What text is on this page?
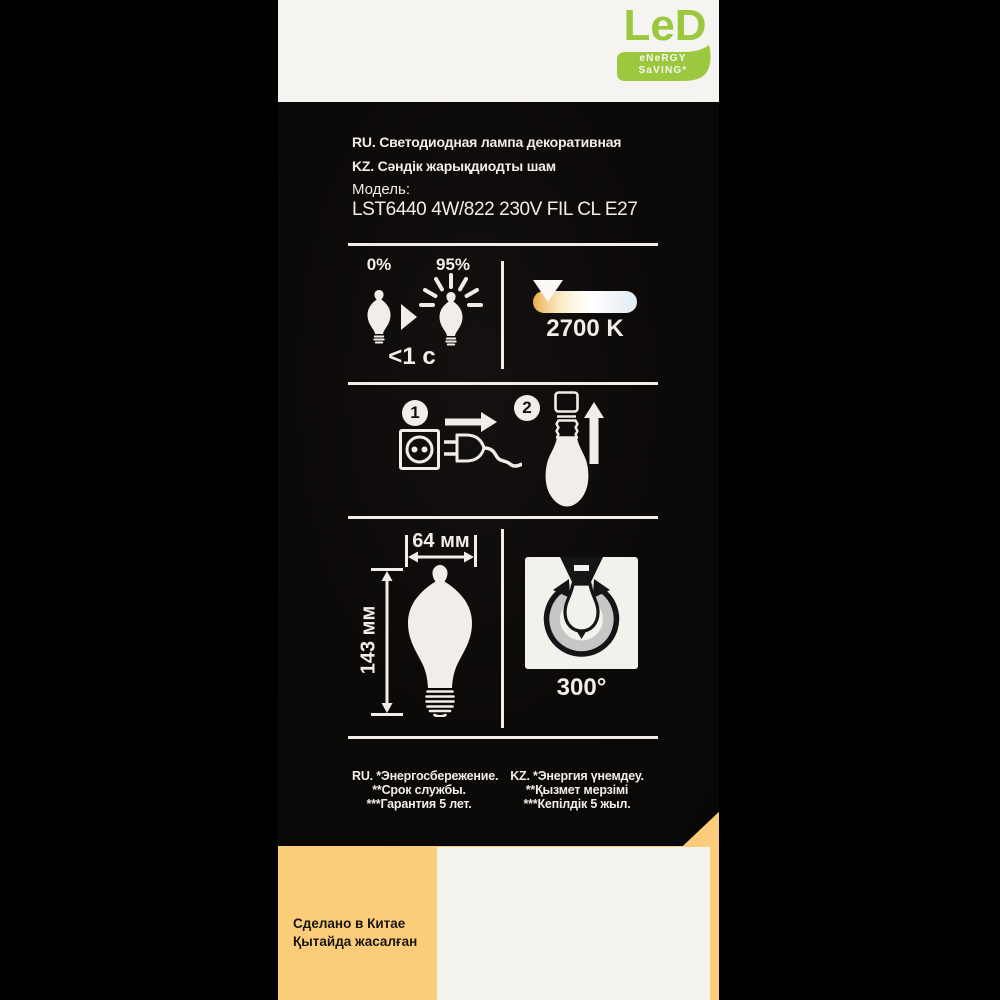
LeD
eNeRGY
SaVING*
RU. Светодиодная лампа декоративная
KZ. Сәндік жарықдиодты шам
Модель:
LST6440 4W/822 230V FIL CL E27
0%	95%
<1 c
2700 K
1	2
64 мм
143 мм
300°
RU. *Энергосбережение.
**Срок службы.
***Гарантия 5 лет.
KZ. *Энергия үнемдеу.
**Қызмет мерзімі
***Кепілдік 5 жыл.
Сделано в Китае
Қытайда жасалған
